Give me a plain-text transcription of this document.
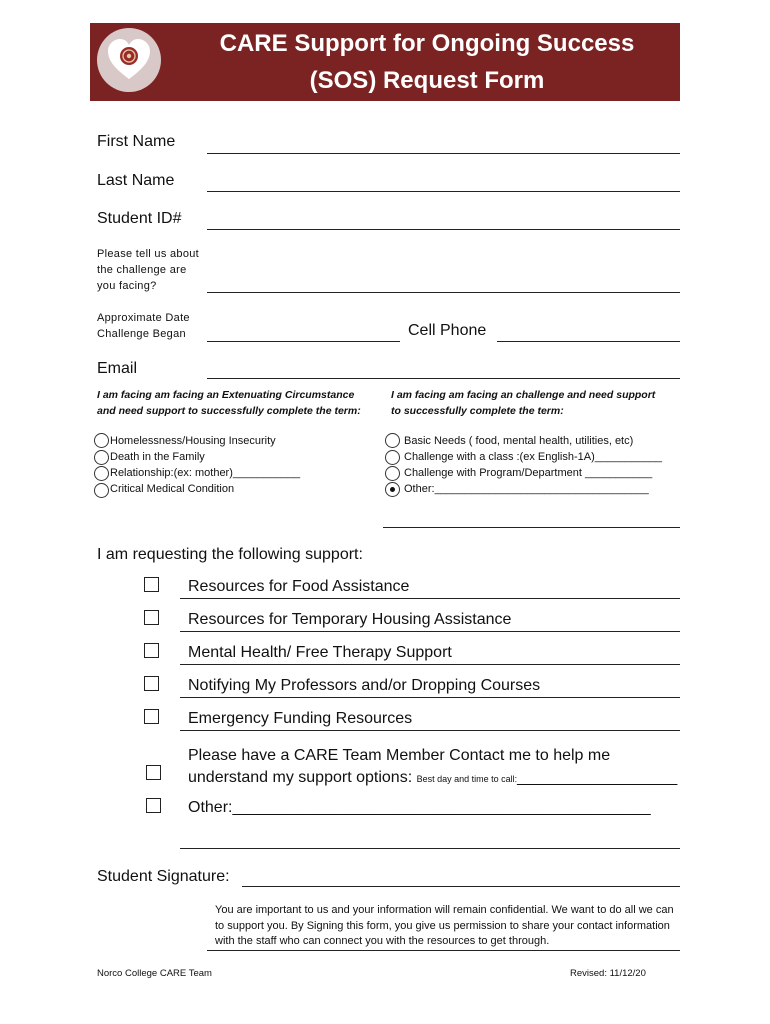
CARE Support for Ongoing Success
(SOS) Request Form
First Name
Last Name
Student ID#
Please tell us about
the challenge are
you facing?
Approximate Date
Challenge Began	Cell Phone
Email
I am facing am facing an Extenuating Circumstance
and need support to successfully complete the term:
Homelessness/Housing Insecurity
Death in the Family
Relationship:(ex: mother)___________
Critical Medical Condition
I am facing am facing an challenge and need support
to successfully complete the term:
Basic Needs ( food, mental health, utilities, etc)
Challenge with a class :(ex English-1A)___________
Challenge with Program/Department ___________
Other:___________________________________
I am requesting the following support:
Resources for Food Assistance
Resources for Temporary Housing Assistance
Mental Health/ Free Therapy Support
Notifying My Professors and/or Dropping Courses
Emergency Funding Resources
Please have a CARE Team Member Contact me to help me
understand my support options: Best day and time to call:__________________
Other:_______________________________________________
Student Signature:
You are important to us and your information will remain confidential. We want to do all we can to support you. By Signing this form, you give us permission to share your contact information with the staff who can connect you with the resources to get through.
Norco College CARE Team	Revised: 11/12/20
